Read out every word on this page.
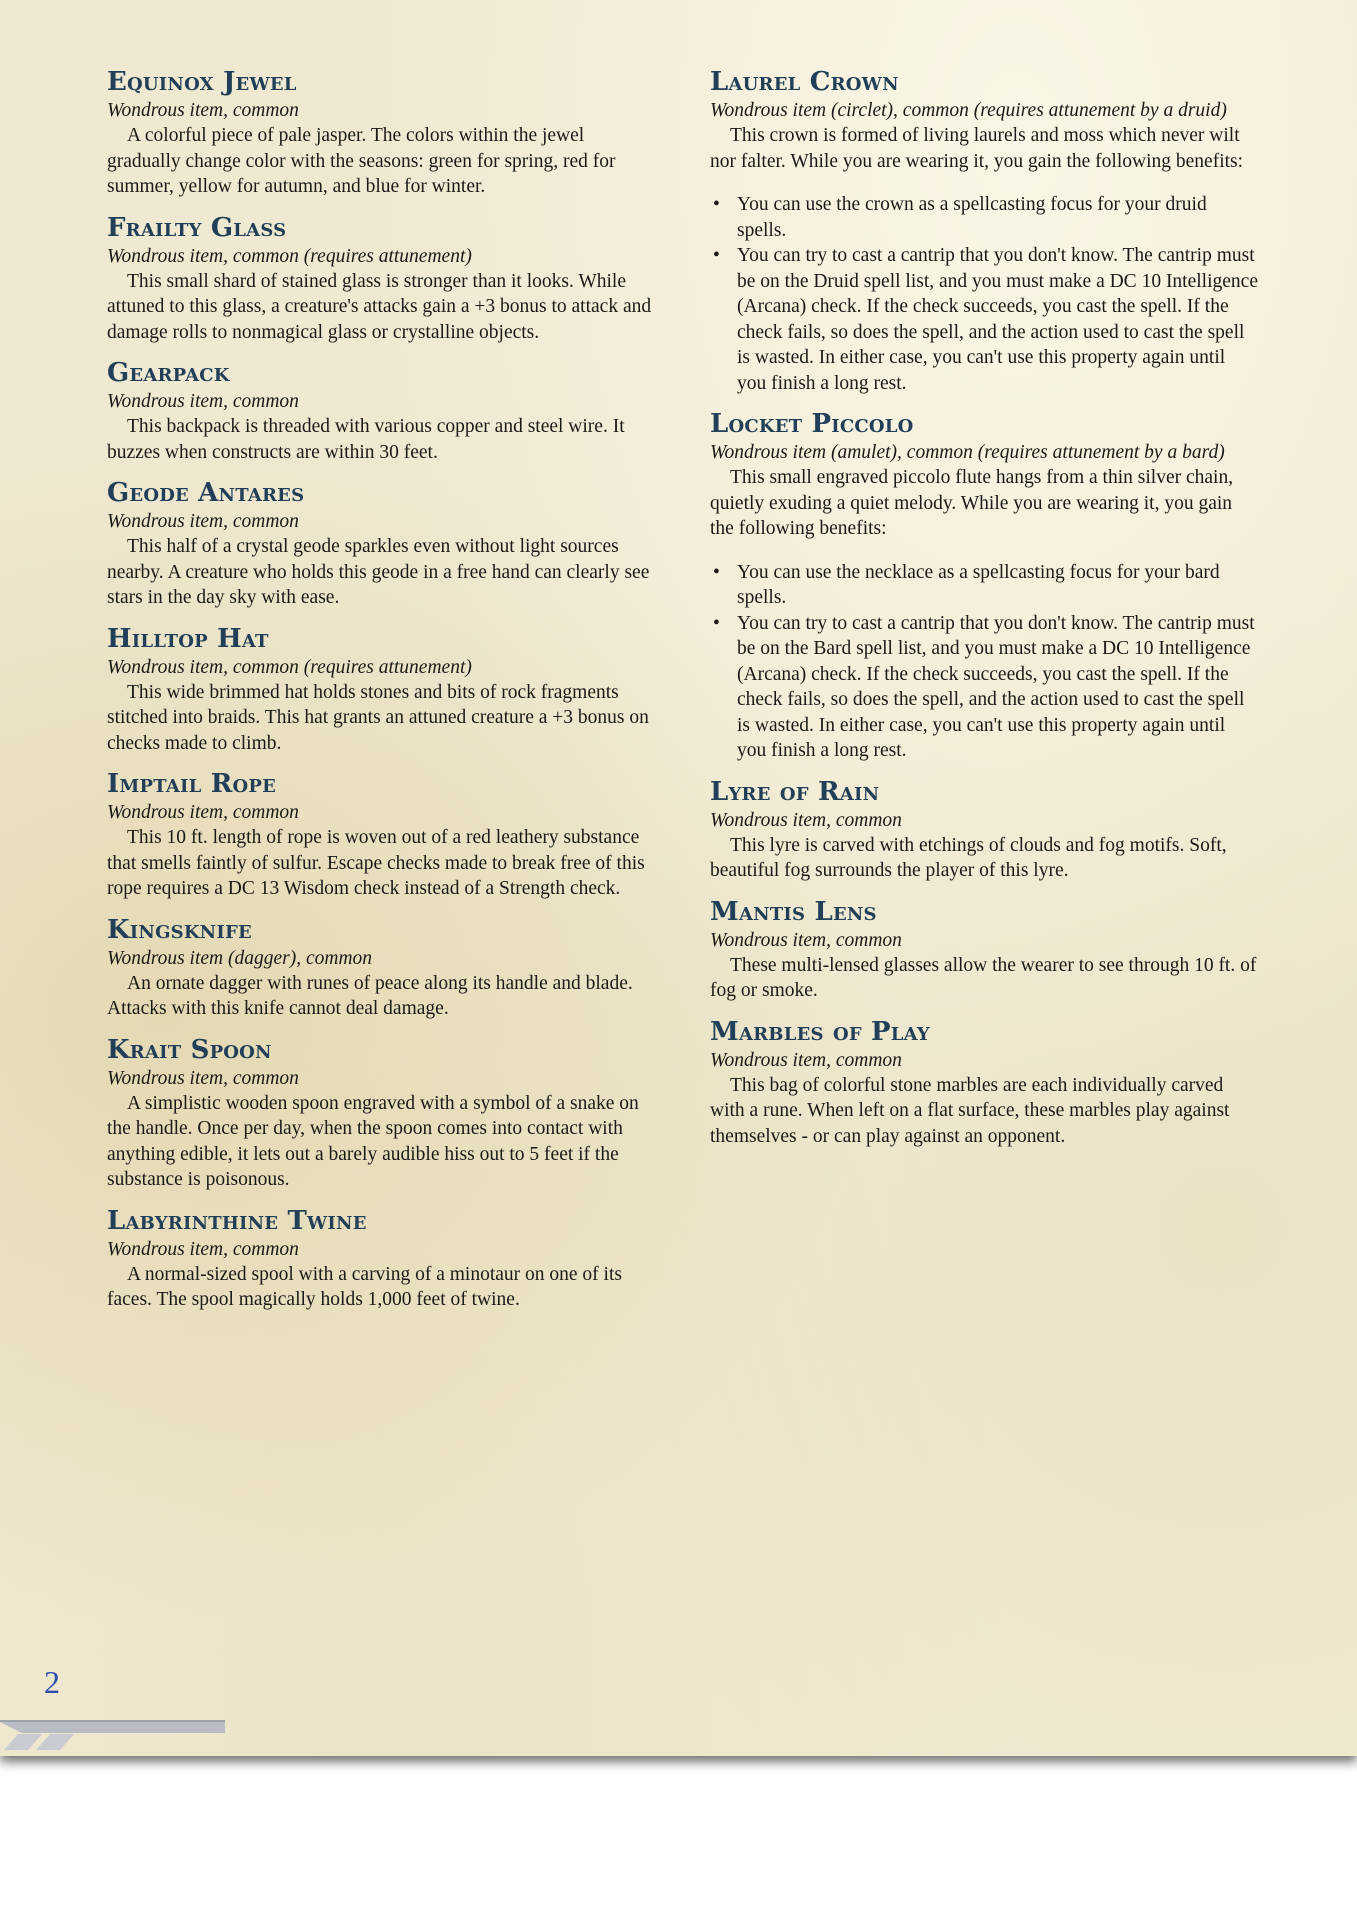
Equinox Jewel

Wondrous item, common

A colorful piece of pale jasper. The colors within the jewel gradually change color with the seasons: green for spring, red for summer, yellow for autumn, and blue for winter.

Frailty Glass

Wondrous item, common (requires attunement)

This small shard of stained glass is stronger than it looks. While attuned to this glass, a creature's attacks gain a +3 bonus to attack and damage rolls to nonmagical glass or crystalline objects.

Gearpack

Wondrous item, common

This backpack is threaded with various copper and steel wire. It buzzes when constructs are within 30 feet.

Geode Antares

Wondrous item, common

This half of a crystal geode sparkles even without light sources nearby. A creature who holds this geode in a free hand can clearly see stars in the day sky with ease.

Hilltop Hat

Wondrous item, common (requires attunement)

This wide brimmed hat holds stones and bits of rock fragments stitched into braids. This hat grants an attuned creature a +3 bonus on checks made to climb.

Imptail Rope

Wondrous item, common

This 10 ft. length of rope is woven out of a red leathery substance that smells faintly of sulfur. Escape checks made to break free of this rope requires a DC 13 Wisdom check instead of a Strength check.

Kingsknife

Wondrous item (dagger), common

An ornate dagger with runes of peace along its handle and blade. Attacks with this knife cannot deal damage.

Krait Spoon

Wondrous item, common

A simplistic wooden spoon engraved with a symbol of a snake on the handle. Once per day, when the spoon comes into contact with anything edible, it lets out a barely audible hiss out to 5 feet if the substance is poisonous.

Labyrinthine Twine

Wondrous item, common

A normal-sized spool with a carving of a minotaur on one of its faces. The spool magically holds 1,000 feet of twine.

Laurel Crown

Wondrous item (circlet), common (requires attunement by a druid)

This crown is formed of living laurels and moss which never wilt nor falter. While you are wearing it, you gain the following benefits:

• You can use the crown as a spellcasting focus for your druid spells.
• You can try to cast a cantrip that you don't know. The cantrip must be on the Druid spell list, and you must make a DC 10 Intelligence (Arcana) check. If the check succeeds, you cast the spell. If the check fails, so does the spell, and the action used to cast the spell is wasted. In either case, you can't use this property again until you finish a long rest.
Locket Piccolo

Wondrous item (amulet), common (requires attunement by a bard)

This small engraved piccolo flute hangs from a thin silver chain, quietly exuding a quiet melody. While you are wearing it, you gain the following benefits:

• You can use the necklace as a spellcasting focus for your bard spells.
• You can try to cast a cantrip that you don't know. The cantrip must be on the Bard spell list, and you must make a DC 10 Intelligence (Arcana) check. If the check succeeds, you cast the spell. If the check fails, so does the spell, and the action used to cast the spell is wasted. In either case, you can't use this property again until you finish a long rest.
Lyre of Rain

Wondrous item, common

This lyre is carved with etchings of clouds and fog motifs. Soft, beautiful fog surrounds the player of this lyre.

Mantis Lens

Wondrous item, common

These multi-lensed glasses allow the wearer to see through 10 ft. of fog or smoke.

Marbles of Play

Wondrous item, common

This bag of colorful stone marbles are each individually carved with a rune. When left on a flat surface, these marbles play against themselves - or can play against an opponent.

2
